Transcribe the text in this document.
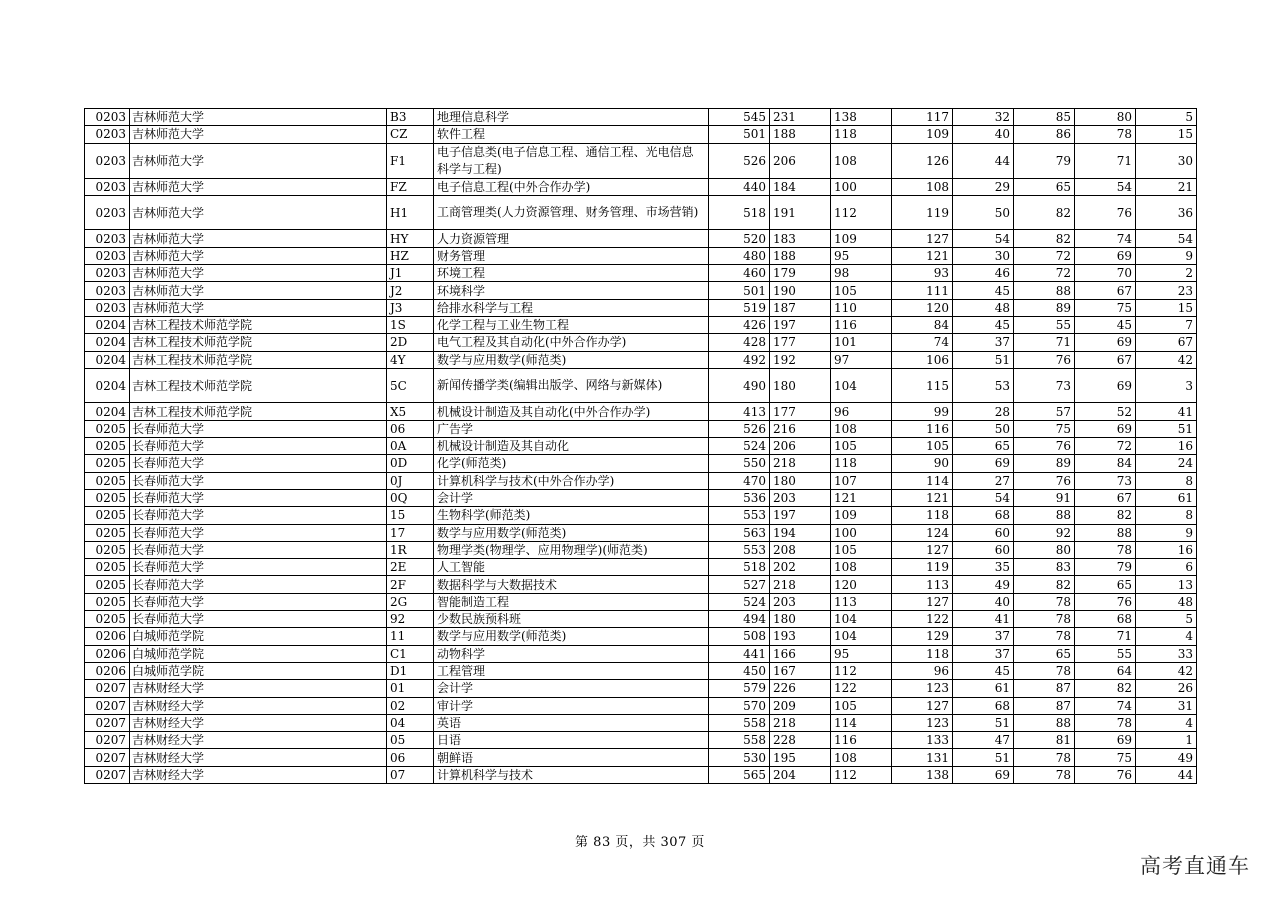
0203	吉林师范大学	B3	地理信息科学	545	231	138	117	32	85	80	5
0203	吉林师范大学	CZ	软件工程	501	188	118	109	40	86	78	15
0203	吉林师范大学	F1	电子信息类(电子信息工程、通信工程、光电信息科学与工程)	526	206	108	126	44	79	71	30
0203	吉林师范大学	FZ	电子信息工程(中外合作办学)	440	184	100	108	29	65	54	21
0203	吉林师范大学	H1	工商管理类(人力资源管理、财务管理、市场营销)	518	191	112	119	50	82	76	36
0203	吉林师范大学	HY	人力资源管理	520	183	109	127	54	82	74	54
0203	吉林师范大学	HZ	财务管理	480	188	95	121	30	72	69	9
0203	吉林师范大学	J1	环境工程	460	179	98	93	46	72	70	2
0203	吉林师范大学	J2	环境科学	501	190	105	111	45	88	67	23
0203	吉林师范大学	J3	给排水科学与工程	519	187	110	120	48	89	75	15
0204	吉林工程技术师范学院	1S	化学工程与工业生物工程	426	197	116	84	45	55	45	7
0204	吉林工程技术师范学院	2D	电气工程及其自动化(中外合作办学)	428	177	101	74	37	71	69	67
0204	吉林工程技术师范学院	4Y	数学与应用数学(师范类)	492	192	97	106	51	76	67	42
0204	吉林工程技术师范学院	5C	新闻传播学类(编辑出版学、网络与新媒体)	490	180	104	115	53	73	69	3
0204	吉林工程技术师范学院	X5	机械设计制造及其自动化(中外合作办学)	413	177	96	99	28	57	52	41
0205	长春师范大学	06	广告学	526	216	108	116	50	75	69	51
0205	长春师范大学	0A	机械设计制造及其自动化	524	206	105	105	65	76	72	16
0205	长春师范大学	0D	化学(师范类)	550	218	118	90	69	89	84	24
0205	长春师范大学	0J	计算机科学与技术(中外合作办学)	470	180	107	114	27	76	73	8
0205	长春师范大学	0Q	会计学	536	203	121	121	54	91	67	61
0205	长春师范大学	15	生物科学(师范类)	553	197	109	118	68	88	82	8
0205	长春师范大学	17	数学与应用数学(师范类)	563	194	100	124	60	92	88	9
0205	长春师范大学	1R	物理学类(物理学、应用物理学)(师范类)	553	208	105	127	60	80	78	16
0205	长春师范大学	2E	人工智能	518	202	108	119	35	83	79	6
0205	长春师范大学	2F	数据科学与大数据技术	527	218	120	113	49	82	65	13
0205	长春师范大学	2G	智能制造工程	524	203	113	127	40	78	76	48
0205	长春师范大学	92	少数民族预科班	494	180	104	122	41	78	68	5
0206	白城师范学院	11	数学与应用数学(师范类)	508	193	104	129	37	78	71	4
0206	白城师范学院	C1	动物科学	441	166	95	118	37	65	55	33
0206	白城师范学院	D1	工程管理	450	167	112	96	45	78	64	42
0207	吉林财经大学	01	会计学	579	226	122	123	61	87	82	26
0207	吉林财经大学	02	审计学	570	209	105	127	68	87	74	31
0207	吉林财经大学	04	英语	558	218	114	123	51	88	78	4
0207	吉林财经大学	05	日语	558	228	116	133	47	81	69	1
0207	吉林财经大学	06	朝鲜语	530	195	108	131	51	78	75	49
0207	吉林财经大学	07	计算机科学与技术	565	204	112	138	69	78	76	44
第 83 页，共 307 页
高考直通车
